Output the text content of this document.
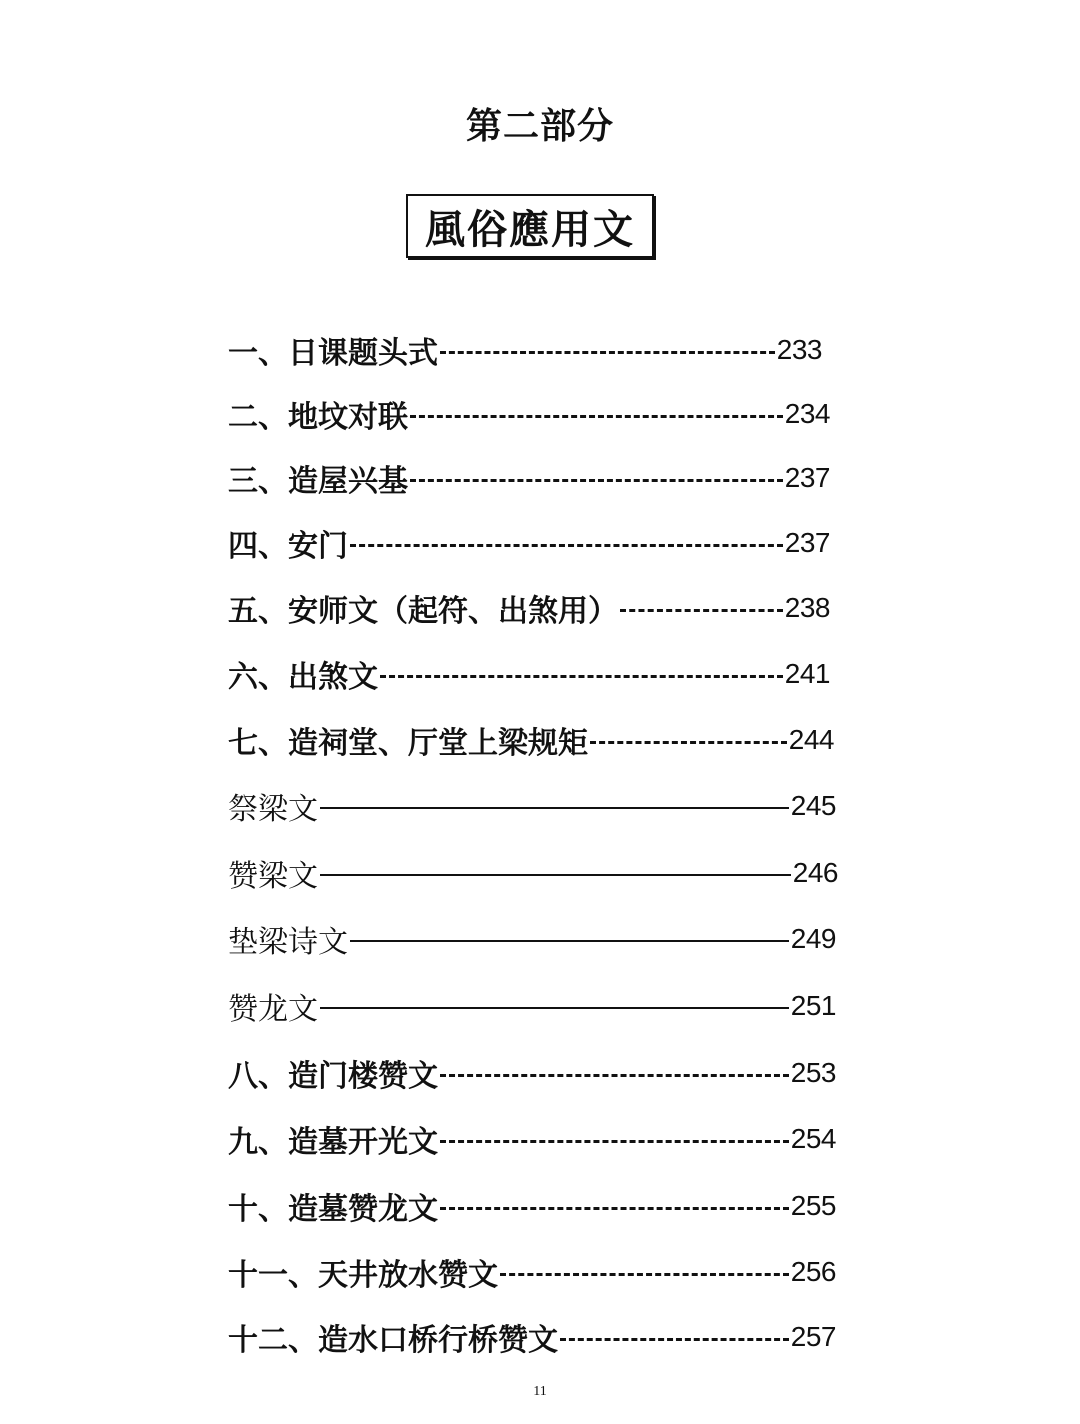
第二部分
風俗應用文
一、日课题头式	233
二、地坟对联	234
三、造屋兴基	237
四、安门	237
五、安师文（起符、出煞用）	238
六、出煞文	241
七、造祠堂、厅堂上梁规矩	244
祭梁文	245
赞梁文	246
垫梁诗文	249
赞龙文	251
八、造门楼赞文	253
九、造墓开光文	254
十、造墓赞龙文	255
十一、天井放水赞文	256
十二、造水口桥行桥赞文	257
11
